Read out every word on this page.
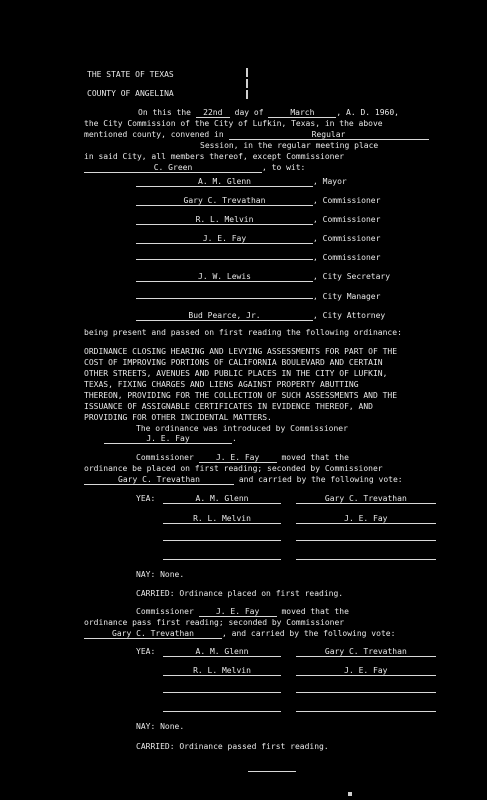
THE STATE OF TEXAS
COUNTY OF ANGELINA
On this the 22nd day of	March	, A. D. 1960,
the City Commission of the City of Lufkin, Texas, in the above
mentioned county, convened in	Regular
Session, in the regular meeting place
in said City, all members thereof, except Commissioner
C. Green	, to wit:
A. M. Glenn	, Mayor
Gary C. Trevathan	, Commissioner
R. L. Melvin	, Commissioner
J. E. Fay	, Commissioner
, Commissioner
J. W. Lewis	, City Secretary
, City Manager
Bud Pearce, Jr.	, City Attorney
being present and passed on first reading the following ordinance:
ORDINANCE CLOSING HEARING AND LEVYING ASSESSMENTS FOR PART OF THE
COST OF IMPROVING PORTIONS OF CALIFORNIA BOULEVARD AND CERTAIN
OTHER STREETS, AVENUES AND PUBLIC PLACES IN THE CITY OF LUFKIN,
TEXAS, FIXING CHARGES AND LIENS AGAINST PROPERTY ABUTTING
THEREON, PROVIDING FOR THE COLLECTION OF SUCH ASSESSMENTS AND THE
ISSUANCE OF ASSIGNABLE CERTIFICATES IN EVIDENCE THEREOF, AND
PROVIDING FOR OTHER INCIDENTAL MATTERS.
The ordinance was introduced by Commissioner
J. E. Fay	.
Commissioner	J. E. Fay	moved that the
ordinance be placed on first reading; seconded by Commissioner
Gary C. Trevathan	and carried by the following vote:
YEA:	A. M. Glenn	Gary C. Trevathan
R. L. Melvin	J. E. Fay

NAY: None.
CARRIED: Ordinance placed on first reading.
Commissioner	J. E. Fay	moved that the
ordinance pass first reading; seconded by Commissioner
Gary C. Trevathan	, and carried by the following vote:
YEA:	A. M. Glenn	Gary C. Trevathan
R. L. Melvin	J. E. Fay

NAY: None.
CARRIED: Ordinance passed first reading.
